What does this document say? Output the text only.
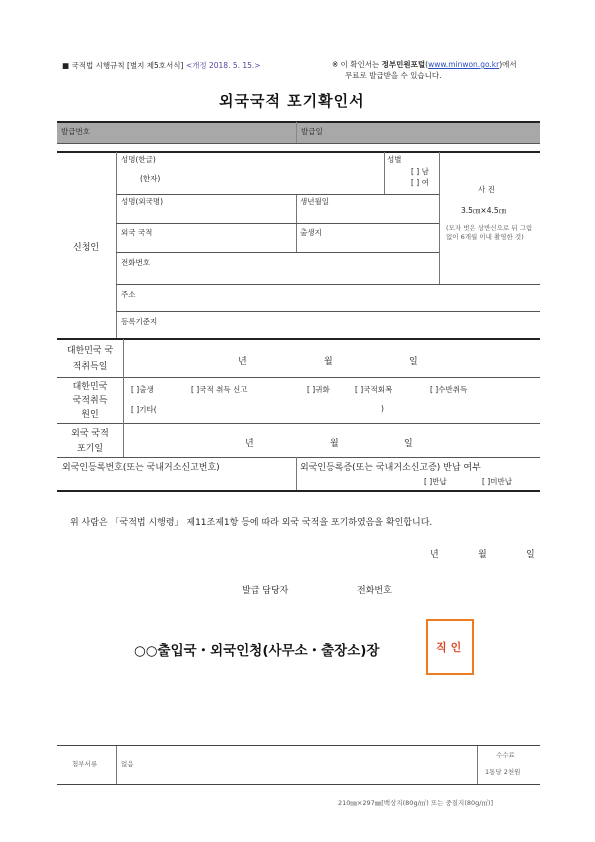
■ 국적법 시행규칙 [별지 제5호서식] <개정 2018. 5. 15.>	※ 이 확인서는 정부민원포털(www.minwon.go.kr)에서
무료로 발급받을 수 있습니다.
외국국적 포기확인서
발급번호	발급일
신청인
성명(한글)
(한자)
성별
[ ] 남
[ ] 여
성명(외국명)	생년월일
외국 국적	출생지
전화번호
주소
등록기준지
사 진
3.5㎝×4.5㎝
(모자 벗은 상반신으로 뒤 그림 없이 6개월 이내 촬영한 것)
대한민국 국
적취득일	년	월	일
대한민국
국적취득
원인
[ ]출생	[ ]국적 취득 신고	[ ]귀화	[ ]국적회복	[ ]수반취득
[ ]기타(	)
외국 국적
포기일	년	월	일
외국인등록번호(또는 국내거소신고번호)	외국인등록증(또는 국내거소신고증) 반납 여부
[ ]반납	[ ]미반납
위 사람은 「국적법 시행령」 제11조제1항 등에 따라 외국 국적을 포기하였음을 확인합니다.
년	월	일
발급 담당자	전화번호
○○출입국・외국인청(사무소・출장소)장	직인
첨부서류	없음
수수료
1통당 2천원
210㎜×297㎜[백상지(80g/㎡) 또는 중질지(80g/㎡)]
